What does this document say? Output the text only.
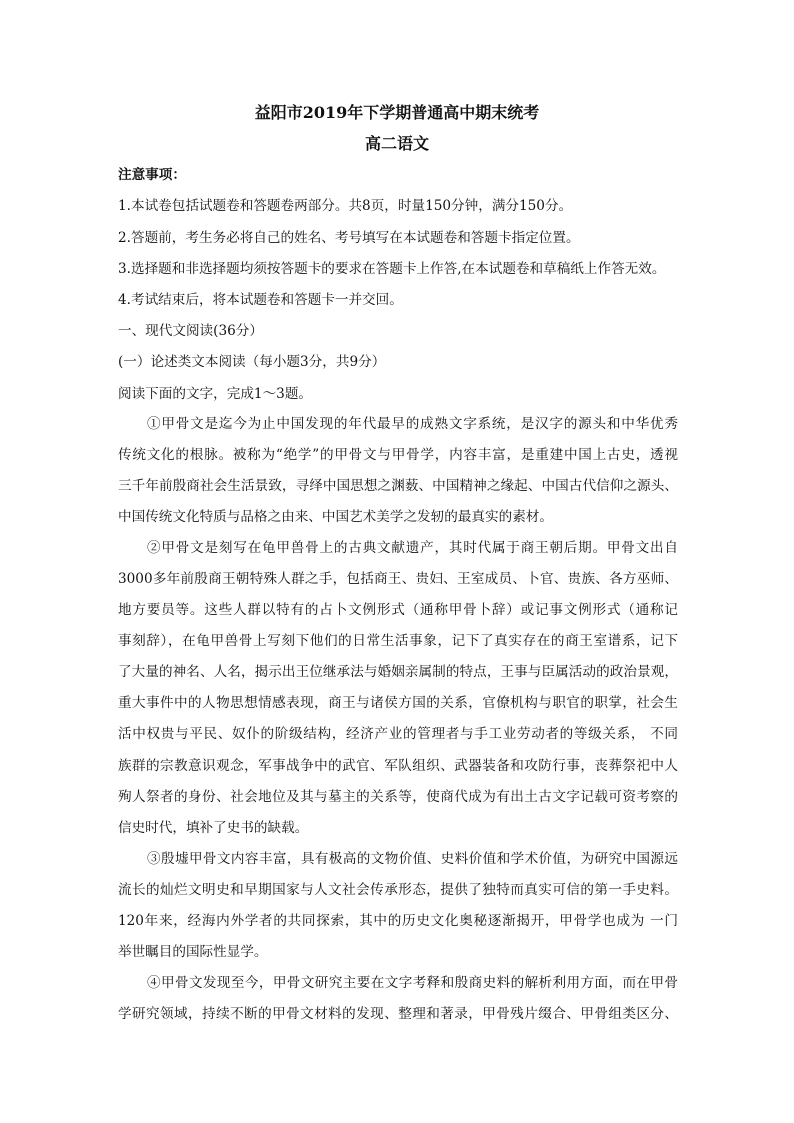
益阳市2019年下学期普通高中期末统考
高二语文
注意事项：
1.本试卷包括试题卷和答题卷两部分。共8页，时量150分钟，满分150分。
2.答题前，考生务必将自己的姓名、考号填写在本试题卷和答题卡指定位置。
3.选择题和非选择题均须按答题卡的要求在答题卡上作答,在本试题卷和草稿纸上作答无效。
4.考试结束后，将本试题卷和答题卡一并交回。
一、现代文阅读(36分）
(一）论述类文本阅读（每小题3分，共9分）
阅读下面的文字，完成1～3题。
①甲骨文是迄今为止中国发现的年代最早的成熟文字系统，是汉字的源头和中华优秀
传统文化的根脉。被称为“绝学”的甲骨文与甲骨学，内容丰富，是重建中国上古史，透视
三千年前殷商社会生活景致，寻绎中国思想之渊薮、中国精神之缘起、中国古代信仰之源头、
中国传统文化特质与品格之由来、中国艺术美学之发轫的最真实的素材。
②甲骨文是刻写在龟甲兽骨上的古典文献遗产，其时代属于商王朝后期。甲骨文出自
3000多年前殷商王朝特殊人群之手，包括商王、贵妇、王室成员、卜官、贵族、各方巫师、
地方要员等。这些人群以特有的占卜文例形式（通称甲骨卜辞）或记事文例形式（通称记
事刻辞），在龟甲兽骨上写刻下他们的日常生活事象，记下了真实存在的商王室谱系，记下
了大量的神名、人名，揭示出王位继承法与婚姻亲属制的特点，王事与臣属活动的政治景观，
重大事件中的人物思想情感表现，商王与诸侯方国的关系，官僚机构与职官的职掌，社会生
活中权贵与平民、奴仆的阶级结构，经济产业的管理者与手工业劳动者的等级关系， 不同
族群的宗教意识观念，军事战争中的武官、军队组织、武器装备和攻防行事，丧葬祭祀中人
殉人祭者的身份、社会地位及其与墓主的关系等，使商代成为有出土古文字记载可资考察的
信史时代，填补了史书的缺载。
③殷墟甲骨文内容丰富，具有极高的文物价值、史料价值和学术价值，为研究中国源远
流长的灿烂文明史和早期国家与人文社会传承形态，提供了独特而真实可信的第一手史料。
120年来，经海内外学者的共同探索，其中的历史文化奥秘逐渐揭开，甲骨学也成为 一门
举世瞩目的国际性显学。
④甲骨文发现至今，甲骨文研究主要在文字考释和殷商史料的解析利用方面，而在甲骨
学研究领域，持续不断的甲骨文材料的发现、整理和著录，甲骨残片缀合、甲骨组类区分、
